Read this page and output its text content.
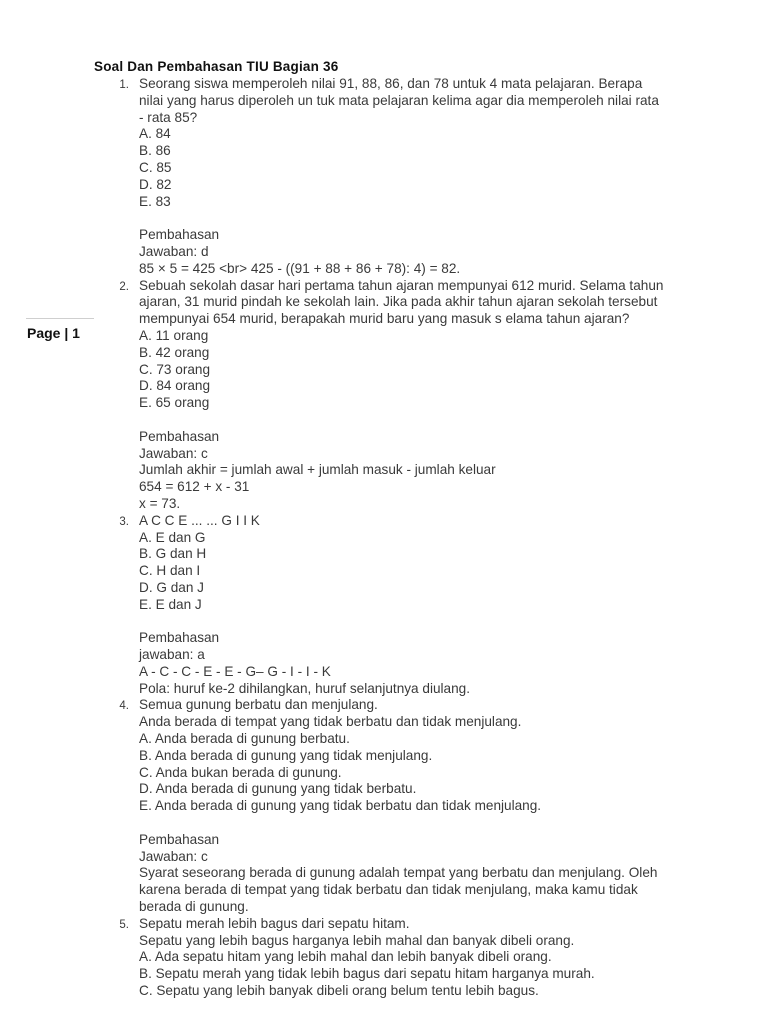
Page | 1
Soal Dan Pembahasan TIU Bagian 36
1. Seorang siswa memperoleh nilai 91, 88, 86, dan 78 untuk 4 mata pelajaran. Berapa
nilai yang harus diperoleh un tuk mata pelajaran kelima agar dia memperoleh nilai rata
- rata 85?
A. 84
B. 86
C. 85
D. 82
E. 83
Pembahasan
Jawaban: d
85 × 5 = 425 <br> 425 - ((91 + 88 + 86 + 78): 4) = 82.
2. Sebuah sekolah dasar hari pertama tahun ajaran mempunyai 612 murid. Selama tahun
ajaran, 31 murid pindah ke sekolah lain. Jika pada akhir tahun ajaran sekolah tersebut
mempunyai 654 murid, berapakah murid baru yang masuk s elama tahun ajaran?
A. 11 orang
B. 42 orang
C. 73 orang
D. 84 orang
E. 65 orang
Pembahasan
Jawaban: c
Jumlah akhir = jumlah awal + jumlah masuk - jumlah keluar
654 = 612 + x - 31
x = 73.
3. A C C E ... ... G I I K
A. E dan G
B. G dan H
C. H dan I
D. G dan J
E. E dan J
Pembahasan
jawaban: a
A - C - C - E - E - G– G - I - I - K
Pola: huruf ke-2 dihilangkan, huruf selanjutnya diulang.
4. Semua gunung berbatu dan menjulang.
Anda berada di tempat yang tidak berbatu dan tidak menjulang.
A. Anda berada di gunung berbatu.
B. Anda berada di gunung yang tidak menjulang.
C. Anda bukan berada di gunung.
D. Anda berada di gunung yang tidak berbatu.
E. Anda berada di gunung yang tidak berbatu dan tidak menjulang.
Pembahasan
Jawaban: c
Syarat seseorang berada di gunung adalah tempat yang berbatu dan menjulang. Oleh
karena berada di tempat yang tidak berbatu dan tidak menjulang, maka kamu tidak
berada di gunung.
5. Sepatu merah lebih bagus dari sepatu hitam.
Sepatu yang lebih bagus harganya lebih mahal dan banyak dibeli orang.
A. Ada sepatu hitam yang lebih mahal dan lebih banyak dibeli orang.
B. Sepatu merah yang tidak lebih bagus dari sepatu hitam harganya murah.
C. Sepatu yang lebih banyak dibeli orang belum tentu lebih bagus.
